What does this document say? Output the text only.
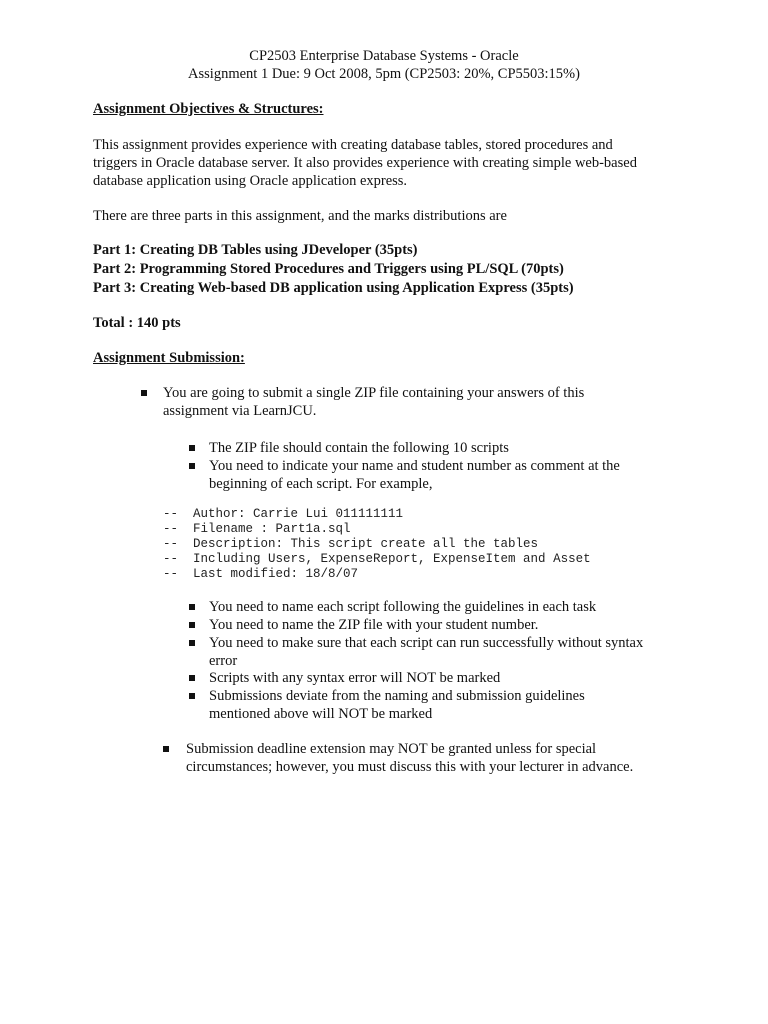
CP2503 Enterprise Database Systems - Oracle
Assignment 1 Due: 9 Oct 2008, 5pm (CP2503: 20%, CP5503:15%)
Assignment Objectives & Structures:
This assignment provides experience with creating database tables, stored procedures and
triggers in Oracle database server. It also provides experience with creating simple web-based
database application using Oracle application express.
There are three parts in this assignment, and the marks distributions are
Part 1: Creating DB Tables using JDeveloper (35pts)
Part 2: Programming Stored Procedures and Triggers using PL/SQL (70pts)
Part 3: Creating Web-based DB application using Application Express (35pts)
Total : 140 pts
Assignment Submission:
You are going to submit a single ZIP file containing your answers of this
assignment via LearnJCU.
The ZIP file should contain the following 10 scripts
You need to indicate your name and student number as comment at the
beginning of each script. For example,
--  Author: Carrie Lui 011111111
--  Filename : Part1a.sql
--  Description: This script create all the tables
--  Including Users, ExpenseReport, ExpenseItem and Asset
--  Last modified: 18/8/07
You need to name each script following the guidelines in each task
You need to name the ZIP file with your student number.
You need to make sure that each script can run successfully without syntax
error
Scripts with any syntax error will NOT be marked
Submissions deviate from the naming and submission guidelines
mentioned above will NOT be marked
Submission deadline extension may NOT be granted unless for special
circumstances; however, you must discuss this with your lecturer in advance.
